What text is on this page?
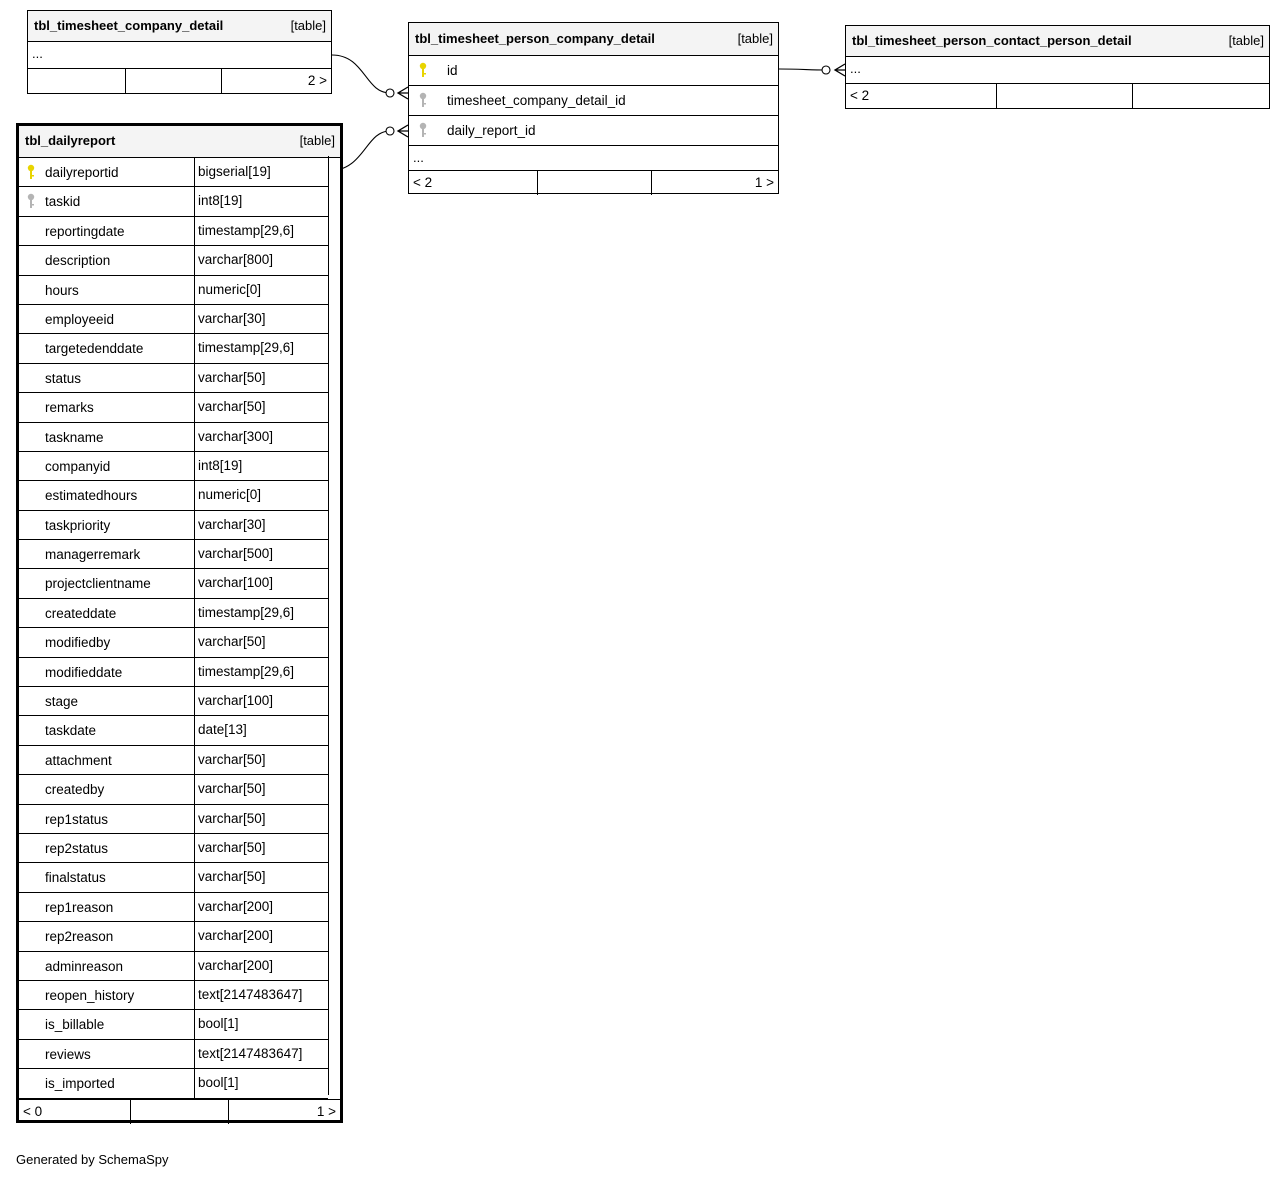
tbl_timesheet_company_detail	[table]
...
2 >
tbl_timesheet_person_company_detail	[table]
id
timesheet_company_detail_id
daily_report_id
...
< 2	1 >
tbl_timesheet_person_contact_person_detail	[table]
...
< 2
tbl_dailyreport	[table]
dailyreportid	bigserial[19]
taskid	int8[19]
reportingdate	timestamp[29,6]
description	varchar[800]
hours	numeric[0]
employeeid	varchar[30]
targetedenddate	timestamp[29,6]
status	varchar[50]
remarks	varchar[50]
taskname	varchar[300]
companyid	int8[19]
estimatedhours	numeric[0]
taskpriority	varchar[30]
managerremark	varchar[500]
projectclientname	varchar[100]
createddate	timestamp[29,6]
modifiedby	varchar[50]
modifieddate	timestamp[29,6]
stage	varchar[100]
taskdate	date[13]
attachment	varchar[50]
createdby	varchar[50]
rep1status	varchar[50]
rep2status	varchar[50]
finalstatus	varchar[50]
rep1reason	varchar[200]
rep2reason	varchar[200]
adminreason	varchar[200]
reopen_history	text[2147483647]
is_billable	bool[1]
reviews	text[2147483647]
is_imported	bool[1]
< 0	1 >
Generated by SchemaSpy
